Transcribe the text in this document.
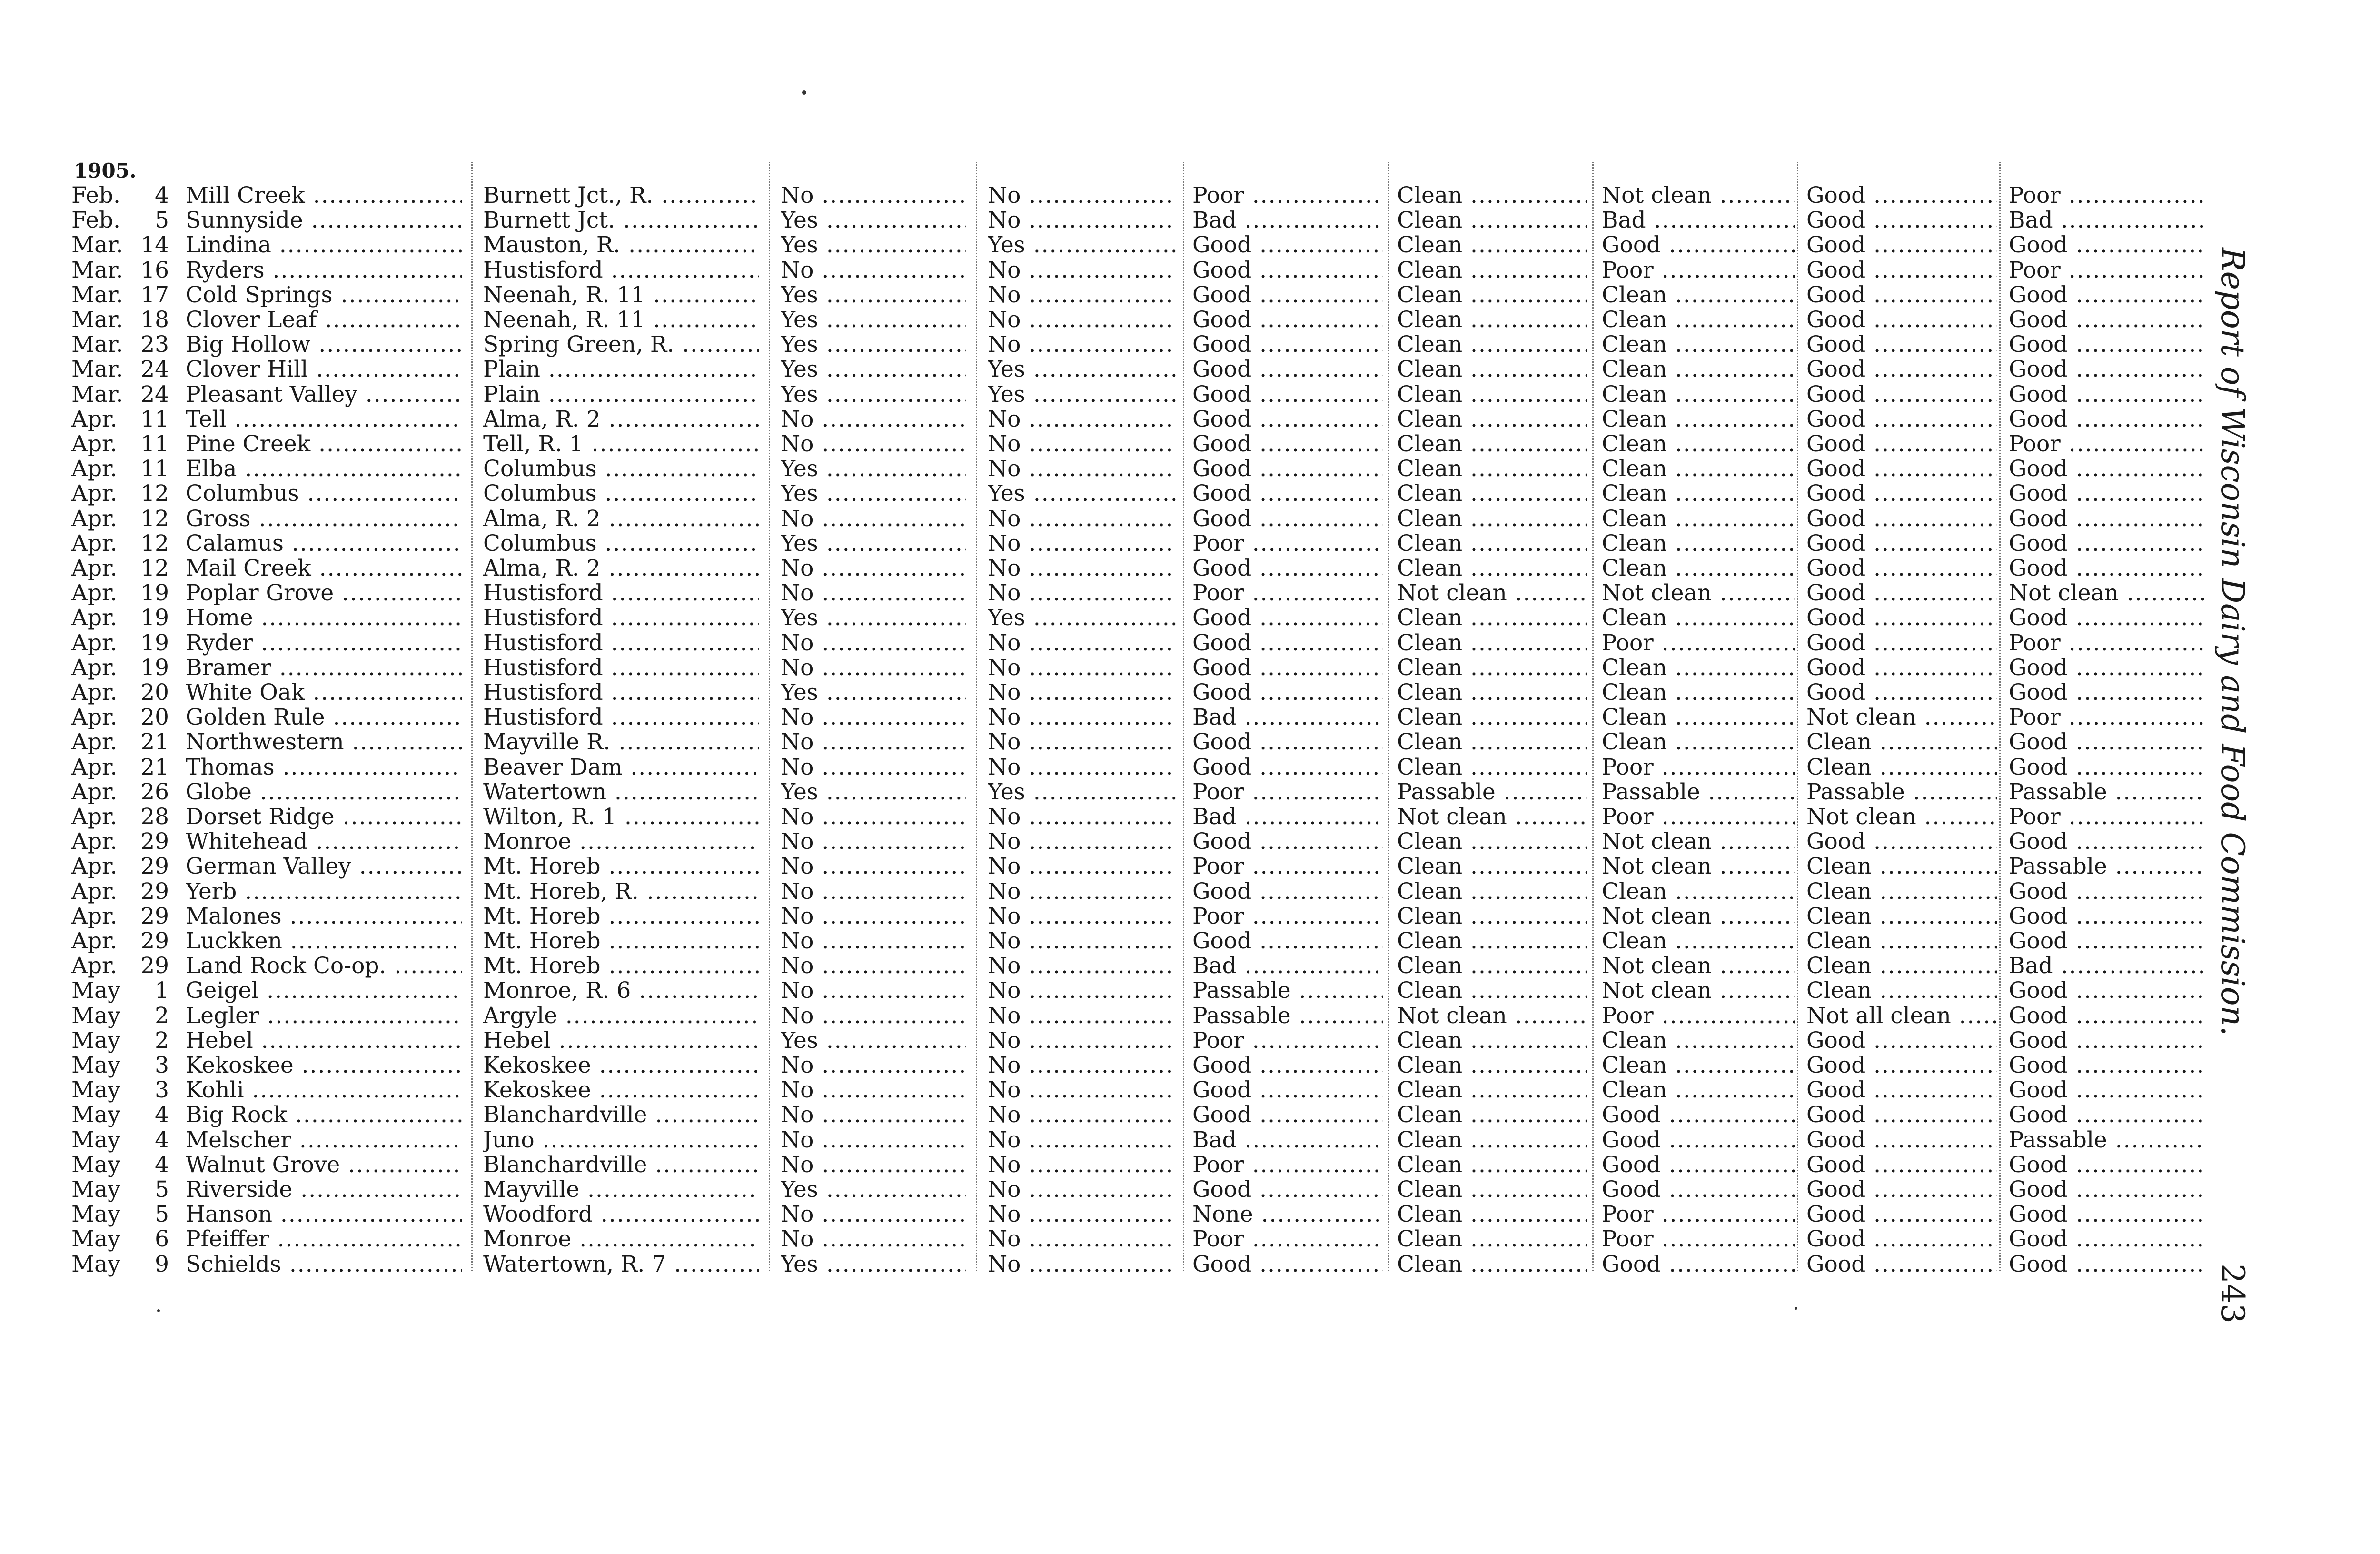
1905.
Feb.	4 Mill Creek .....	Burnett Jct., R. .....	No .....	No .....	Poor .....	Clean .....	Not clean .....	Good .....	Poor .....
Feb.	5 Sunnyside .....	Burnett Jct. .....	Yes .....	No .....	Bad .....	Clean .....	Bad .....	Good .....	Bad .....
Mar. 14 Lindina .....	Mauston, R. .....	Yes .....	Yes .....	Good .....	Clean .....	Good .....	Good .....	Good .....
Mar. 16 Ryders .....	Hustisford .....	No .....	No .....	Good .....	Clean .....	Poor .....	Good .....	Poor .....
Mar. 17 Cold Springs .....	Neenah, R. 11 .....	Yes .....	No .....	Good .....	Clean .....	Clean .....	Good .....	Good .....
Mar. 18 Clover Leaf .....	Neenah, R. 11 .....	Yes .....	No .....	Good .....	Clean .....	Clean .....	Good .....	Good .....
Mar. 23 Big Hollow .....	Spring Green, R. .....	Yes .....	No .....	Good .....	Clean .....	Clean .....	Good .....	Good .....
Mar. 24 Clover Hill .....	Plain .....	Yes .....	Yes .....	Good .....	Clean .....	Clean .....	Good .....	Good .....
Mar. 24 Pleasant Valley .....	Plain .....	Yes .....	Yes .....	Good .....	Clean .....	Clean .....	Good .....	Good .....
Apr.	11 Tell .....	Alma, R. 2 .....	No .....	No .....	Good .....	Clean .....	Clean .....	Good .....	Good .....
Apr.	11 Pine Creek .....	Tell, R. 1 .....	No .....	No .....	Good .....	Clean .....	Clean .....	Good .....	Poor .....
Apr.	11 Elba .....	Columbus .....	Yes .....	No .....	Good .....	Clean .....	Clean .....	Good .....	Good .....
Apr.	12 Columbus .....	Columbus .....	Yes .....	Yes .....	Good .....	Clean .....	Clean .....	Good .....	Good .....
Apr.	12 Gross .....	Alma, R. 2 .....	No .....	No .....	Good .....	Clean .....	Clean .....	Good .....	Good .....
Apr.	12 Calamus .....	Columbus .....	Yes .....	No .....	Poor .....	Clean .....	Clean .....	Good .....	Good .....
Apr.	12 Mail Creek .....	Alma, R. 2 .....	No .....	No .....	Good .....	Clean .....	Clean .....	Good .....	Good .....
Apr.	19 Poplar Grove .....	Hustisford .....	No .....	No .....	Poor .....	Not clean .....	Not clean .....	Good .....	Not clean .....
Apr.	19 Home .....	Hustisford .....	Yes .....	Yes .....	Good .....	Clean .....	Clean .....	Good .....	Good .....
Apr.	19 Ryder .....	Hustisford .....	No .....	No .....	Good .....	Clean .....	Poor .....	Good .....	Poor .....
Apr.	19 Bramer .....	Hustisford .....	No .....	No .....	Good .....	Clean .....	Clean .....	Good .....	Good .....
Apr.	20 White Oak .....	Hustisford .....	Yes .....	No .....	Good .....	Clean .....	Clean .....	Good .....	Good .....
Apr.	20 Golden Rule .....	Hustisford .....	No .....	No .....	Bad .....	Clean .....	Clean .....	Not clean .....	Poor .....
Apr.	21 Northwestern .....	Mayville R. .....	No .....	No .....	Good .....	Clean .....	Clean .....	Clean .....	Good .....
Apr.	21 Thomas .....	Beaver Dam .....	No .....	No .....	Good .....	Clean .....	Poor .....	Clean .....	Good .....
Apr.	26 Globe .....	Watertown .....	Yes .....	Yes .....	Poor .....	Passable .....	Passable .....	Passable .....	Passable .....
Apr.	28 Dorset Ridge .....	Wilton, R. 1 .....	No .....	No .....	Bad .....	Not clean .....	Poor .....	Not clean .....	Poor .....
Apr.	29 Whitehead .....	Monroe .....	No .....	No .....	Good .....	Clean .....	Not clean .....	Good .....	Good .....
Apr.	29 German Valley .....	Mt. Horeb .....	No .....	No .....	Poor .....	Clean .....	Not clean .....	Clean .....	Passable .....
Apr.	29 Yerb .....	Mt. Horeb, R. .....	No .....	No .....	Good .....	Clean .....	Clean .....	Clean .....	Good .....
Apr.	29 Malones .....	Mt. Horeb .....	No .....	No .....	Poor .....	Clean .....	Not clean .....	Clean .....	Good .....
Apr.	29 Luckken .....	Mt. Horeb .....	No .....	No .....	Good .....	Clean .....	Clean .....	Clean .....	Good .....
Apr.	29 Land Rock Co-op. .....	Mt. Horeb .....	No .....	No .....	Bad .....	Clean .....	Not clean .....	Clean .....	Bad .....
May	1 Geigel .....	Monroe, R. 6 .....	No .....	No .....	Passable .....	Clean .....	Not clean .....	Clean .....	Good .....
May	2 Legler .....	Argyle .....	No .....	No .....	Passable .....	Not clean .....	Poor .....	Not all clean .....	Good .....
May	2 Hebel .....	Hebel .....	Yes .....	No .....	Poor .....	Clean .....	Clean .....	Good .....	Good .....
May	3 Kekoskee .....	Kekoskee .....	No .....	No .....	Good .....	Clean .....	Clean .....	Good .....	Good .....
May	3 Kohli .....	Kekoskee .....	No .....	No .....	Good .....	Clean .....	Clean .....	Good .....	Good .....
May	4 Big Rock .....	Blanchardville .....	No .....	No .....	Good .....	Clean .....	Good .....	Good .....	Good .....
May	4 Melscher .....	Juno .....	No .....	No .....	Bad .....	Clean .....	Good .....	Good .....	Passable .....
May	4 Walnut Grove .....	Blanchardville .....	No .....	No .....	Poor .....	Clean .....	Good .....	Good .....	Good .....
May	5 Riverside .....	Mayville .....	Yes .....	No .....	Good .....	Clean .....	Good .....	Good .....	Good .....
May	5 Hanson .....	Woodford .....	No .....	No .....	None .....	Clean .....	Poor .....	Good .....	Good .....
May	6 Pfeiffer .....	Monroe .....	No .....	No .....	Poor .....	Clean .....	Poor .....	Good .....	Good .....
May	9 Schields .....	Watertown, R. 7 .....	Yes .....	No .....	Good .....	Clean .....	Good .....	Good .....	Good .....
Report of Wisconsin Dairy and Food Commission.
243
